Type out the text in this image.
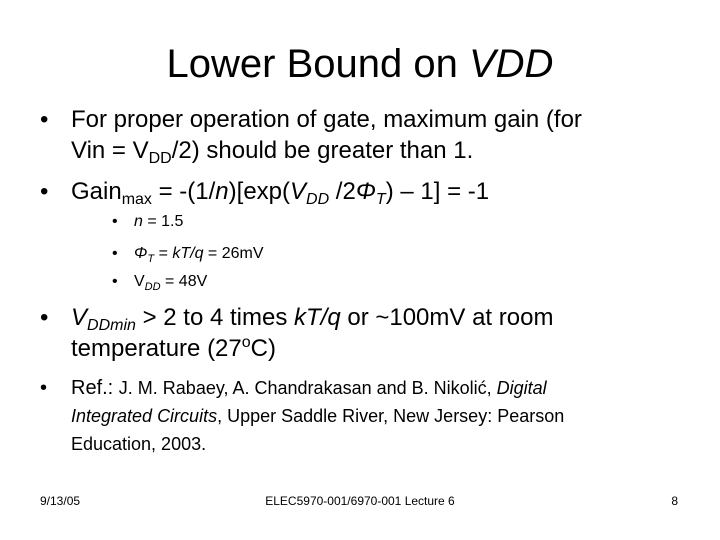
Lower Bound on VDD
• For proper operation of gate, maximum gain (for
Vin = $V_{DD}/2$) should be greater than 1.
• Gain$_{max}$ = $-(1/n)[\exp(V_{DD}$ $/2\Phi_T) - 1] = -1$
• n = 1.5
• $\Phi_T = kT/q = 26mV$
• $V_{DD} = 48V$
• $V_{DDmin} > 2$ to 4 times kT/q or ~100mV at room
temperature (27$^o$C)
• Ref.: J. M. Rabaey, A. Chandrakasan and B. Nikolić, Digital
Integrated Circuits, Upper Saddle River, New Jersey: Pearson
Education, 2003.
9/13/05	ELEC5970-001/6970-001 Lecture 6	8
